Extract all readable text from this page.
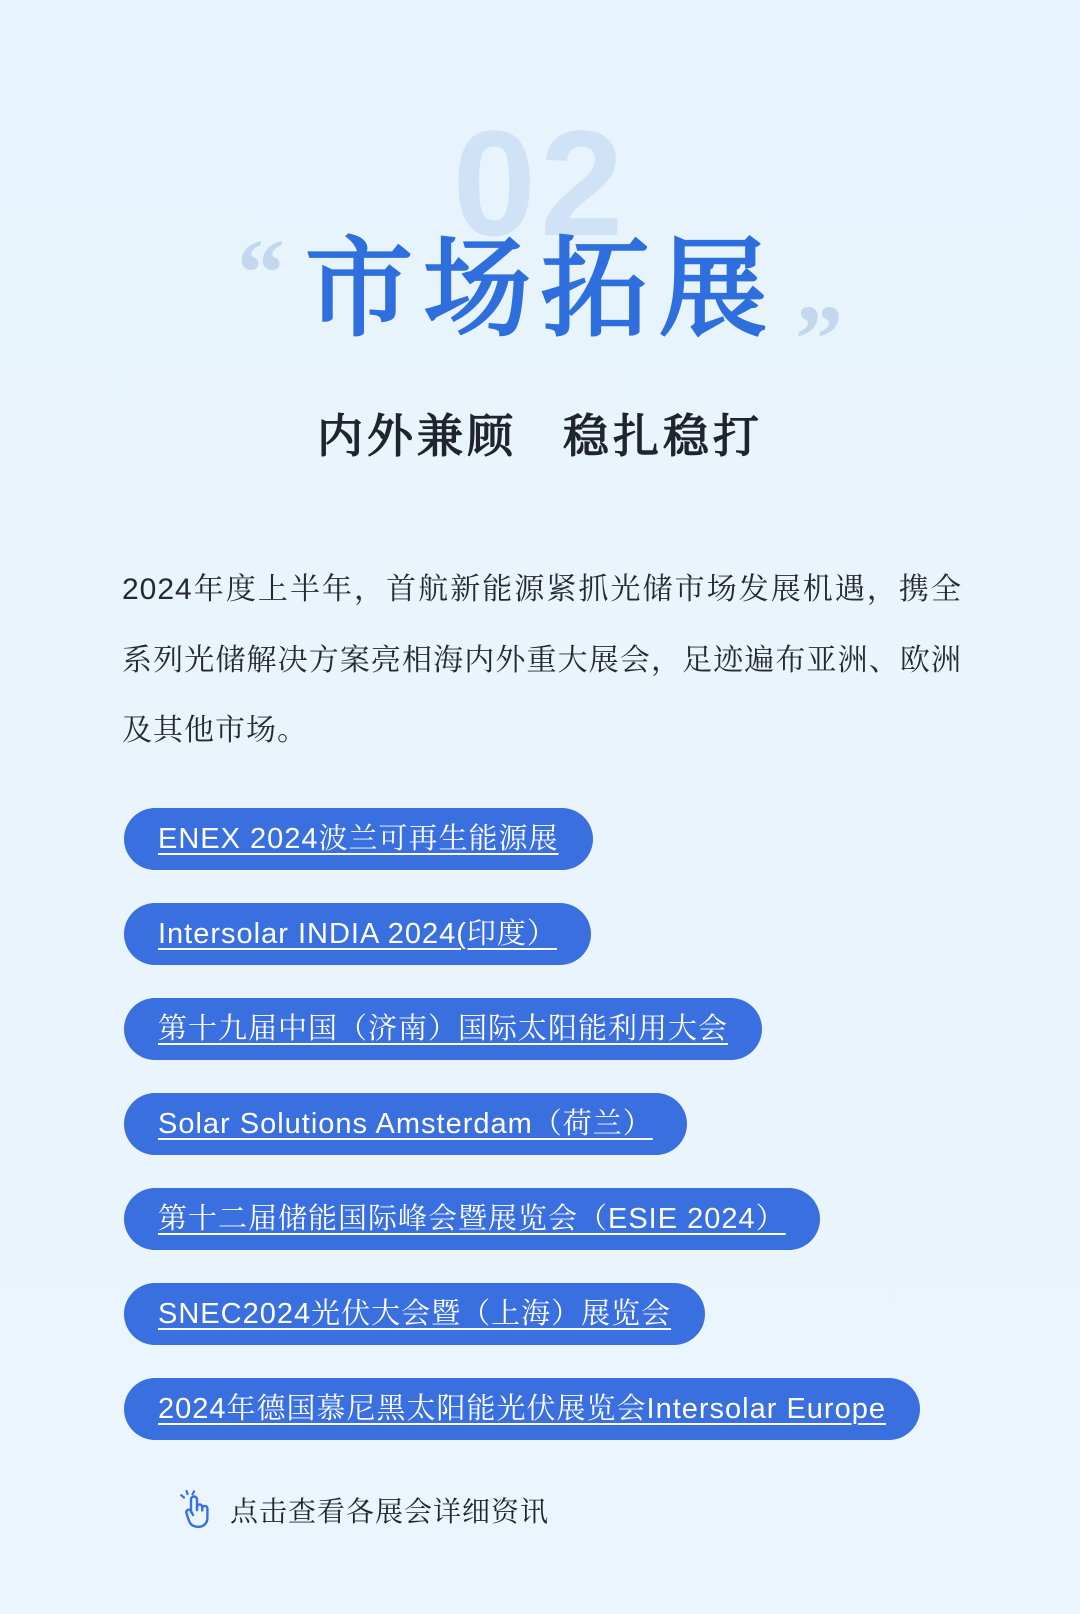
02
“ 市场拓展 ”
内外兼顾 稳扎稳打
2024年度上半年，首航新能源紧抓光储市场发展机遇，携全系列光储解决方案亮相海内外重大展会，足迹遍布亚洲、欧洲及其他市场。
ENEX 2024波兰可再生能源展
Intersolar INDIA 2024(印度）
第十九届中国（济南）国际太阳能利用大会
Solar Solutions Amsterdam（荷兰）
第十二届储能国际峰会暨展览会（ESIE 2024）
SNEC2024光伏大会暨（上海）展览会
2024年德国慕尼黑太阳能光伏展览会Intersolar Europe
点击查看各展会详细资讯
